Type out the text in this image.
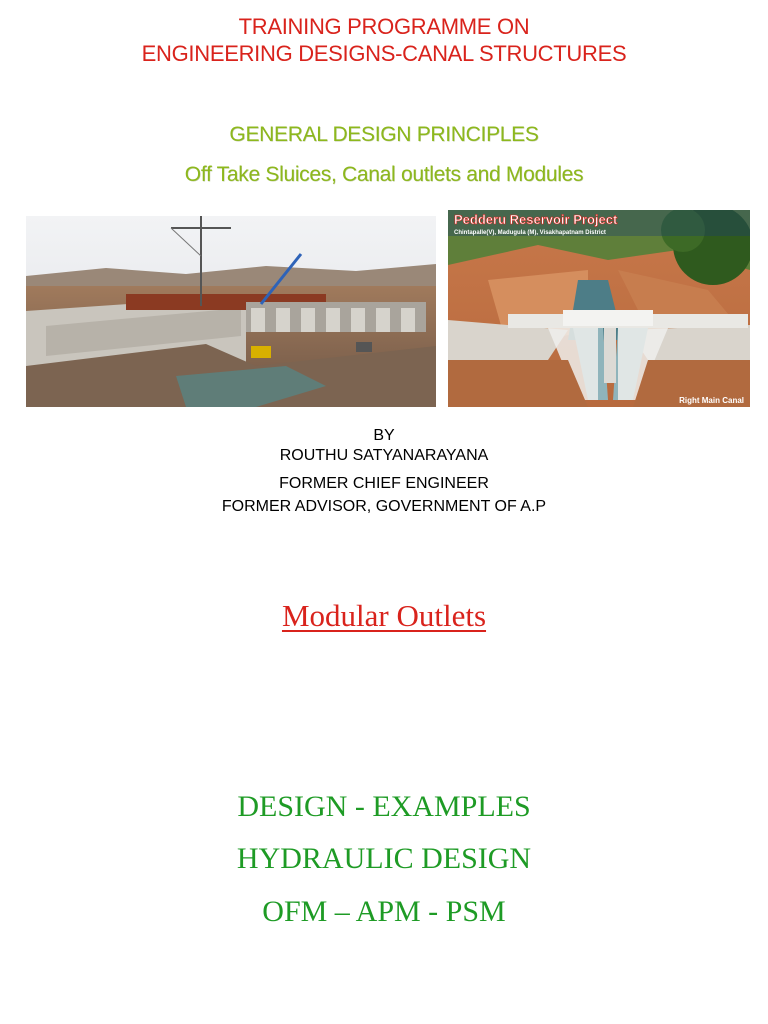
TRAINING PROGRAMME ON
ENGINEERING DESIGNS-CANAL STRUCTURES
GENERAL DESIGN PRINCIPLES
Off Take Sluices, Canal outlets and Modules
Pedderu Reservoir Project
Chintapalle(V), Madugula (M), Visakhapatnam District
Right Main Canal
BY
ROUTHU SATYANARAYANA
FORMER CHIEF ENGINEER
FORMER ADVISOR, GOVERNMENT OF A.P
Modular Outlets
DESIGN - EXAMPLES
HYDRAULIC DESIGN
OFM – APM - PSM
